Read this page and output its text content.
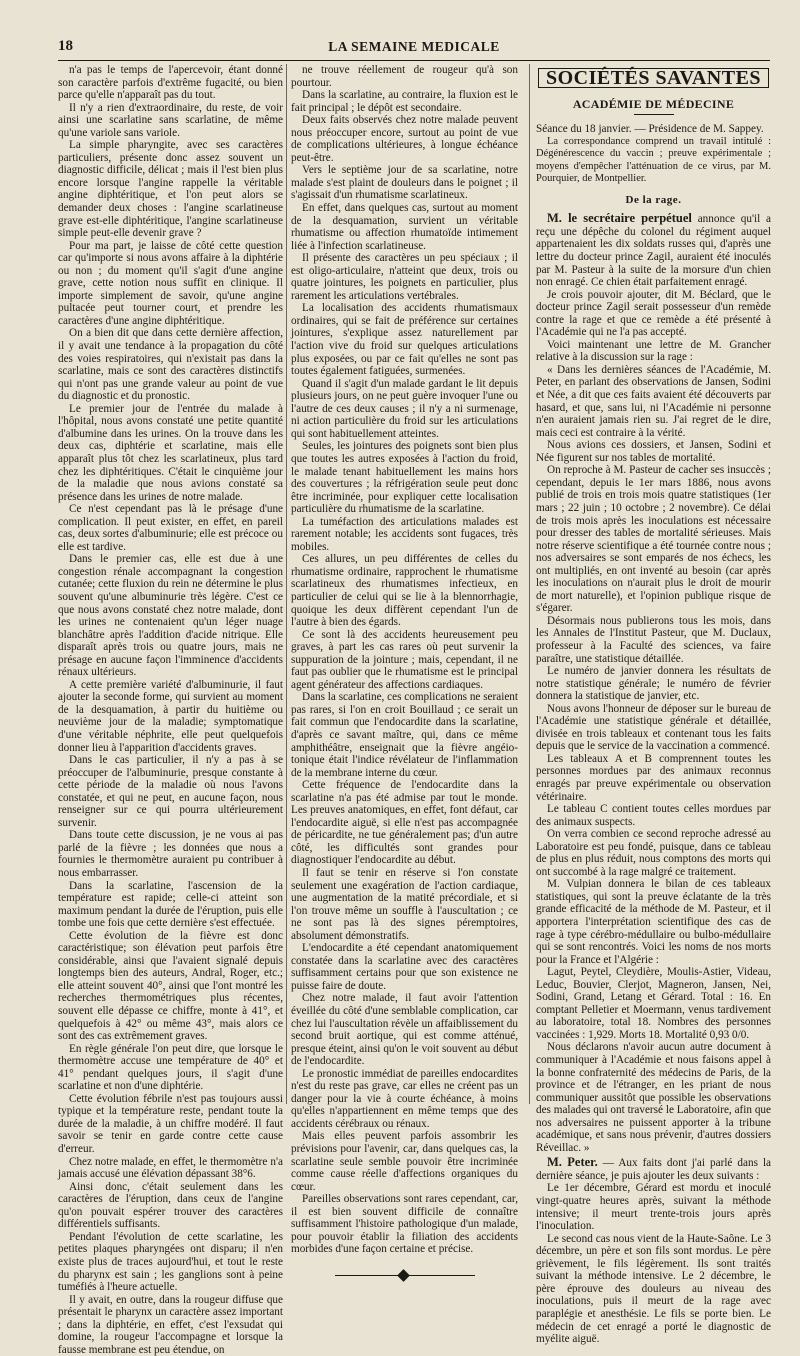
18	LA SEMAINE MEDICALE

n'a pas le temps de l'apercevoir, étant donné son caractère parfois d'extrême fugacité, ou bien parce qu'elle n'apparaît pas du tout.

Il n'y a rien d'extraordinaire, du reste, de voir ainsi une scarlatine sans scarlatine, de même qu'une variole sans variole.

La simple pharyngite, avec ses caractères particuliers, présente donc assez souvent un diagnostic difficile, délicat ; mais il l'est bien plus encore lorsque l'angine rappelle la véritable angine diphtéritique, et l'on peut alors se demander deux choses : l'angine scarlatineuse grave est-elle diphtéritique, l'angine scarlatineuse simple peut-elle devenir grave ?

Pour ma part, je laisse de côté cette question car qu'importe si nous avons affaire à la diphtérie ou non ; du moment qu'il s'agit d'une angine grave, cette notion nous suffit en clinique. Il importe simplement de savoir, qu'une angine pultacée peut tourner court, et prendre les caractères d'une angine diphtéritique.

On a bien dit que dans cette dernière affection, il y avait une tendance à la propagation du côté des voies respiratoires, qui n'existait pas dans la scarlatine, mais ce sont des caractères distinctifs qui n'ont pas une grande valeur au point de vue du diagnostic et du pronostic.

Le premier jour de l'entrée du malade à l'hôpital, nous avons constaté une petite quantité d'albumine dans les urines. On la trouve dans les deux cas, diphtérie et scarlatine, mais elle apparaît plus tôt chez les scarlatineux, plus tard chez les diphtéritiques. C'était le cinquième jour de la maladie que nous avions constaté sa présence dans les urines de notre malade.

Ce n'est cependant pas là le présage d'une complication. Il peut exister, en effet, en pareil cas, deux sortes d'albuminurie; elle est précoce ou elle est tardive.

Dans le premier cas, elle est due à une congestion rénale accompagnant la congestion cutanée; cette fluxion du rein ne détermine le plus souvent qu'une albuminurie très légère. C'est ce que nous avons constaté chez notre malade, dont les urines ne contenaient qu'un léger nuage blanchâtre après l'addition d'acide nitrique. Elle disparaît après trois ou quatre jours, mais ne présage en aucune façon l'imminence d'accidents rénaux ultérieurs.

A cette première variété d'albuminurie, il faut ajouter la seconde forme, qui survient au moment de la desquamation, à partir du huitième ou neuvième jour de la maladie; symptomatique d'une véritable néphrite, elle peut quelquefois donner lieu à l'apparition d'accidents graves.

Dans le cas particulier, il n'y a pas à se préoccuper de l'albuminurie, presque constante à cette période de la maladie où nous l'avons constatée, et qui ne peut, en aucune façon, nous renseigner sur ce qui pourra ultérieurement survenir.

Dans toute cette discussion, je ne vous ai pas parlé de la fièvre ; les données que nous a fournies le thermomètre auraient pu contribuer à nous embarrasser.

Dans la scarlatine, l'ascension de la température est rapide; celle-ci atteint son maximum pendant la durée de l'éruption, puis elle tombe une fois que cette dernière s'est effectuée.

Cette évolution de la fièvre est donc caractéristique; son élévation peut parfois être considérable, ainsi que l'avaient signalé depuis longtemps bien des auteurs, Andral, Roger, etc.; elle atteint souvent 40°, ainsi que l'ont montré les recherches thermométriques plus récentes, souvent elle dépasse ce chiffre, monte à 41°, et quelquefois à 42° ou même 43°, mais alors ce sont des cas extrêmement graves.

En règle générale l'on peut dire, que lorsque le thermomètre accuse une température de 40° et 41° pendant quelques jours, il s'agit d'une scarlatine et non d'une diphtérie.

Cette évolution fébrile n'est pas toujours aussi typique et la température reste, pendant toute la durée de la maladie, à un chiffre modéré. Il faut savoir se tenir en garde contre cette cause d'erreur.

Chez notre malade, en effet, le thermomètre n'a jamais accusé une élévation dépassant 38°6.

Ainsi donc, c'était seulement dans les caractères de l'éruption, dans ceux de l'angine qu'on pouvait espérer trouver des caractères différentiels suffisants.

Pendant l'évolution de cette scarlatine, les petites plaques pharyngées ont disparu; il n'en existe plus de traces aujourd'hui, et tout le reste du pharynx est sain ; les ganglions sont à peine tuméfiés à l'heure actuelle.

Il y avait, en outre, dans la rougeur diffuse que présentait le pharynx un caractère assez important ; dans la diphtérie, en effet, c'est l'exsudat qui domine, la rougeur l'accompagne et lorsque la fausse membrane est peu étendue, on

ne trouve réellement de rougeur qu'à son pourtour.

Dans la scarlatine, au contraire, la fluxion est le fait principal ; le dépôt est secondaire.

Deux faits observés chez notre malade peuvent nous préoccuper encore, surtout au point de vue de complications ultérieures, à longue échéance peut-être.

Vers le septième jour de sa scarlatine, notre malade s'est plaint de douleurs dans le poignet ; il s'agissait d'un rhumatisme scarlatineux.

En effet, dans quelques cas, surtout au moment de la desquamation, survient un véritable rhumatisme ou affection rhumatoïde intimement liée à l'infection scarlatineuse.

Il présente des caractères un peu spéciaux ; il est oligo-articulaire, n'atteint que deux, trois ou quatre jointures, les poignets en particulier, plus rarement les articulations vertébrales.

La localisation des accidents rhumatismaux ordinaires, qui se fait de préférence sur certaines jointures, s'explique assez naturellement par l'action vive du froid sur quelques articulations plus exposées, ou par ce fait qu'elles ne sont pas toutes également fatiguées, surmenées.

Quand il s'agit d'un malade gardant le lit depuis plusieurs jours, on ne peut guère invoquer l'une ou l'autre de ces deux causes ; il n'y a ni surmenage, ni action particulière du froid sur les articulations qui sont habituellement atteintes.

Seules, les jointures des poignets sont bien plus que toutes les autres exposées à l'action du froid, le malade tenant habituellement les mains hors des couvertures ; la réfrigération seule peut donc être incriminée, pour expliquer cette localisation particulière du rhumatisme de la scarlatine.

La tuméfaction des articulations malades est rarement notable; les accidents sont fugaces, très mobiles.

Ces allures, un peu différentes de celles du rhumatisme ordinaire, rapprochent le rhumatisme scarlatineux des rhumatismes infectieux, en particulier de celui qui se lie à la blennorrhagie, quoique les deux diffèrent cependant l'un de l'autre à bien des égards.

Ce sont là des accidents heureusement peu graves, à part les cas rares où peut survenir la suppuration de la jointure ; mais, cependant, il ne faut pas oublier que le rhumatisme est le principal agent générateur des affections cardiaques.

Dans la scarlatine, ces complications ne seraient pas rares, si l'on en croit Bouillaud ; ce serait un fait commun que l'endocardite dans la scarlatine, d'après ce savant maître, qui, dans ce même amphithéâtre, enseignait que la fièvre angéio-tonique était l'indice révélateur de l'inflammation de la membrane interne du cœur.

Cette fréquence de l'endocardite dans la scarlatine n'a pas été admise par tout le monde. Les preuves anatomiques, en effet, font défaut, car l'endocardite aiguë, si elle n'est pas accompagnée de péricardite, ne tue généralement pas; d'un autre côté, les difficultés sont grandes pour diagnostiquer l'endocardite au début.

Il faut se tenir en réserve si l'on constate seulement une exagération de l'action cardiaque, une augmentation de la matité précordiale, et si l'on trouve même un souffle à l'auscultation ; ce ne sont pas là des signes péremptoires, absolument démonstratifs.

L'endocardite a été cependant anatomiquement constatée dans la scarlatine avec des caractères suffisamment certains pour que son existence ne puisse faire de doute.

Chez notre malade, il faut avoir l'attention éveillée du côté d'une semblable complication, car chez lui l'auscultation révèle un affaiblissement du second bruit aortique, qui est comme atténué, presque éteint, ainsi qu'on le voit souvent au début de l'endocardite.

Le pronostic immédiat de pareilles endocardites n'est du reste pas grave, car elles ne créent pas un danger pour la vie à courte échéance, à moins qu'elles n'appartiennent en même temps que des accidents cérébraux ou rénaux.

Mais elles peuvent parfois assombrir les prévisions pour l'avenir, car, dans quelques cas, la scarlatine seule semble pouvoir être incriminée comme cause réelle d'affections organiques du cœur.

Pareilles observations sont rares cependant, car, il est bien souvent difficile de connaître suffisamment l'histoire pathologique d'un malade, pour pouvoir établir la filiation des accidents morbides d'une façon certaine et précise.

SOCIÉTÉS SAVANTES
ACADÉMIE DE MÉDECINE

Séance du 18 janvier. — Présidence de M. Sappey.

La correspondance comprend un travail intitulé : Dégénérescence du vaccin ; preuve expérimentale ; moyens d'empêcher l'atténuation de ce virus, par M. Pourquier, de Montpellier.

De la rage.

M. le secrétaire perpétuel annonce qu'il a reçu une dépêche du colonel du régiment auquel appartenaient les dix soldats russes qui, d'après une lettre du docteur prince Zagil, auraient été inoculés par M. Pasteur à la suite de la morsure d'un chien non enragé. Ce chien était parfaitement enragé.

Je crois pouvoir ajouter, dit M. Béclard, que le docteur prince Zagil serait possesseur d'un remède contre la rage et que ce remède a été présenté à l'Académie qui ne l'a pas accepté.

Voici maintenant une lettre de M. Grancher relative à la discussion sur la rage :

« Dans les dernières séances de l'Académie, M. Peter, en parlant des observations de Jansen, Sodini et Née, a dit que ces faits avaient été découverts par hasard, et que, sans lui, ni l'Académie ni personne n'en auraient jamais rien su. J'ai regret de le dire, mais ceci est contraire à la vérité.

Nous avions ces dossiers, et Jansen, Sodini et Née figurent sur nos tables de mortalité.

On reproche à M. Pasteur de cacher ses insuccès ; cependant, depuis le 1er mars 1886, nous avons publié de trois en trois mois quatre statistiques (1er mars ; 22 juin ; 10 octobre ; 2 novembre). Ce délai de trois mois après les inoculations est nécessaire pour dresser des tables de mortalité sérieuses. Mais notre réserve scientifique a été tournée contre nous ; nos adversaires se sont emparés de nos échecs, les ont multipliés, en ont inventé au besoin (car après les inoculations on n'aurait plus le droit de mourir de mort naturelle), et l'opinion publique risque de s'égarer.

Désormais nous publierons tous les mois, dans les Annales de l'Institut Pasteur, que M. Duclaux, professeur à la Faculté des sciences, va faire paraître, une statistique détaillée.

Le numéro de janvier donnera les résultats de notre statistique générale; le numéro de février donnera la statistique de janvier, etc.

Nous avons l'honneur de déposer sur le bureau de l'Académie une statistique générale et détaillée, divisée en trois tableaux et contenant tous les faits depuis que le service de la vaccination a commencé.

Les tableaux A et B comprennent toutes les personnes mordues par des animaux reconnus enragés par preuve expérimentale ou observation vétérinaire.

Le tableau C contient toutes celles mordues par des animaux suspects.

On verra combien ce second reproche adressé au Laboratoire est peu fondé, puisque, dans ce tableau de plus en plus réduit, nous comptons des morts qui ont succombé à la rage malgré ce traitement.

M. Vulpian donnera le bilan de ces tableaux statistiques, qui sont la preuve éclatante de la très grande efficacité de la méthode de M. Pasteur, et il apportera l'interprétation scientifique des cas de rage à type cérébro-médullaire ou bulbo-médullaire qui se sont rencontrés. Voici les noms de nos morts pour la France et l'Algérie :

Lagut, Peytel, Cleydière, Moulis-Astier, Videau, Leduc, Bouvier, Clerjot, Magneron, Jansen, Nei, Sodini, Grand, Letang et Gérard. Total : 16. En comptant Pelletier et Moermann, venus tardivement au laboratoire, total 18. Nombres des personnes vaccinées : 1,929. Morts 18. Mortalité 0,93 0/0.

Nous déclarons n'avoir aucun autre document à communiquer à l'Académie et nous faisons appel à la bonne confraternité des médecins de Paris, de la province et de l'étranger, en les priant de nous communiquer aussitôt que possible les observations des malades qui ont traversé le Laboratoire, afin que nos adversaires ne puissent apporter à la tribune académique, et sans nous prévenir, d'autres dossiers Réveillac. »

M. Peter. — Aux faits dont j'ai parlé dans la dernière séance, je puis ajouter les deux suivants :

Le 1er décembre, Gérard est mordu et inoculé vingt-quatre heures après, suivant la méthode intensive; il meurt trente-trois jours après l'inoculation.

Le second cas nous vient de la Haute-Saône. Le 3 décembre, un père et son fils sont mordus. Le père grièvement, le fils légèrement. Ils sont traités suivant la méthode intensive. Le 2 décembre, le père éprouve des douleurs au niveau des inoculations, puis il meurt de la rage avec paraplégie et anesthésie. Le fils se porte bien. Le médecin de cet enragé a porté le diagnostic de myélite aiguë.
